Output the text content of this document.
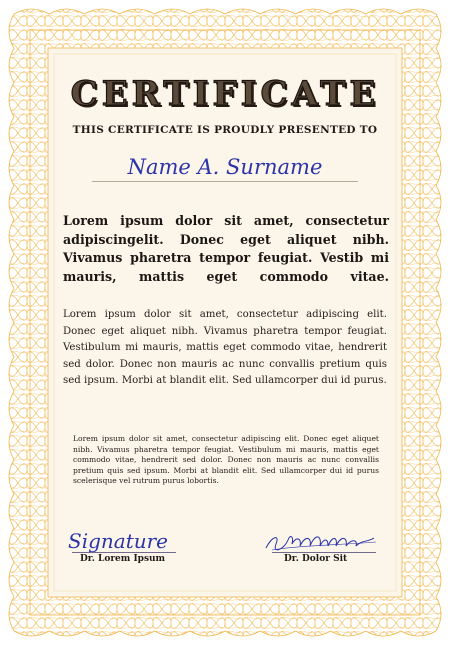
CERTIFICATE
THIS CERTIFICATE IS PROUDLY PRESENTED TO
Name A. Surname
Lorem ipsum dolor sit amet, consectetur adipiscingelit. Donec eget aliquet nibh. Vivamus pharetra tempor feugiat. Vestib mi mauris, mattis eget commodo vitae.
Lorem ipsum dolor sit amet, consectetur adipiscing elit. Donec eget aliquet nibh. Vivamus pharetra tempor feugiat. Vestibulum mi mauris, mattis eget commodo vitae, hendrerit sed dolor. Donec non mauris ac nunc convallis pretium quis sed ipsum. Morbi at blandit elit. Sed ullamcorper dui id purus.
Lorem ipsum dolor sit amet, consectetur adipiscing elit. Donec eget aliquet nibh. Vivamus pharetra tempor feugiat. Vestibulum mi mauris, mattis eget commodo vitae, hendrerit sed dolor. Donec non mauris ac nunc convallis pretium quis sed ipsum. Morbi at blandit elit. Sed ullamcorper dui id purus scelerisque vel rutrum purus lobortis.
Signature
Dr. Lorem Ipsum	Dr. Dolor Sit
